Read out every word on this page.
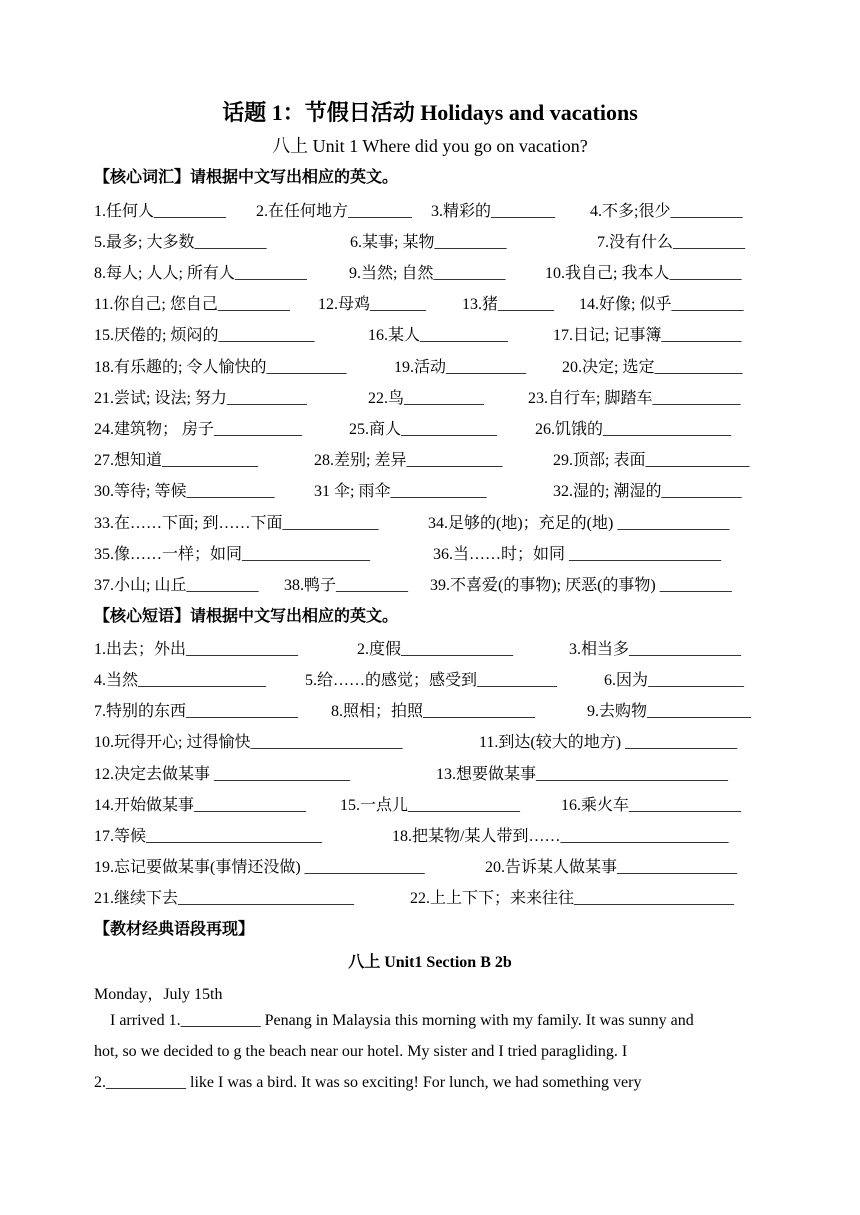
话题 1：节假日活动 Holidays and vacations
八上 Unit 1 Where did you go on vacation?
【核心词汇】请根据中文写出相应的英文。
1.任何人_________ 2.在任何地方________ 3.精彩的________ 4.不多;很少_________
5.最多; 大多数_________	6.某事; 某物_________	7.没有什么_________
8.每人; 人人; 所有人_________	9.当然; 自然_________ 10.我自己; 我本人_________
11.你自己; 您自己_________ 12.母鸡_______ 13.猪_______ 14.好像; 似乎_________
15.厌倦的; 烦闷的____________	16.某人___________	17.日记; 记事簿__________
18.有乐趣的; 令人愉快的__________	19.活动__________ 20.决定; 选定___________
21.尝试; 设法; 努力__________	22.鸟__________	23.自行车; 脚踏车___________
24.建筑物； 房子___________	25.商人____________ 26.饥饿的________________
27.想知道____________	28.差别; 差异____________	29.顶部; 表面_____________
30.等待; 等候___________ 31 伞; 雨伞____________	32.湿的; 潮湿的__________
33.在……下面; 到……下面____________	34.足够的(地)；充足的(地) ______________
35.像……一样；如同________________	36.当……时；如同 ___________________
37.小山; 山丘_________ 38.鸭子_________ 39.不喜爱(的事物); 厌恶(的事物) _________
【核心短语】请根据中文写出相应的英文。
1.出去；外出______________	2.度假______________	3.相当多______________
4.当然________________ 5.给……的感觉；感受到__________	6.因为____________
7.特别的东西______________ 8.照相；拍照______________	9.去购物_____________
10.玩得开心; 过得愉快___________________	11.到达(较大的地方) ______________
12.决定去做某事 _________________	13.想要做某事________________________
14.开始做某事______________ 15.一点儿______________	16.乘火车______________
17.等候______________________	18.把某物/某人带到……_____________________
19.忘记要做某事(事情还没做) _______________	20.告诉某人做某事_______________
21.继续下去______________________	22.上上下下；来来往往____________________
【教材经典语段再现】
八上 Unit1 Section B 2b
Monday，July 15th
I arrived 1.__________ Penang in Malaysia this morning with my family. It was sunny and
hot, so we decided to g the beach near our hotel. My sister and I tried paragliding. I
2.__________ like I was a bird. It was so exciting! For lunch, we had something very
